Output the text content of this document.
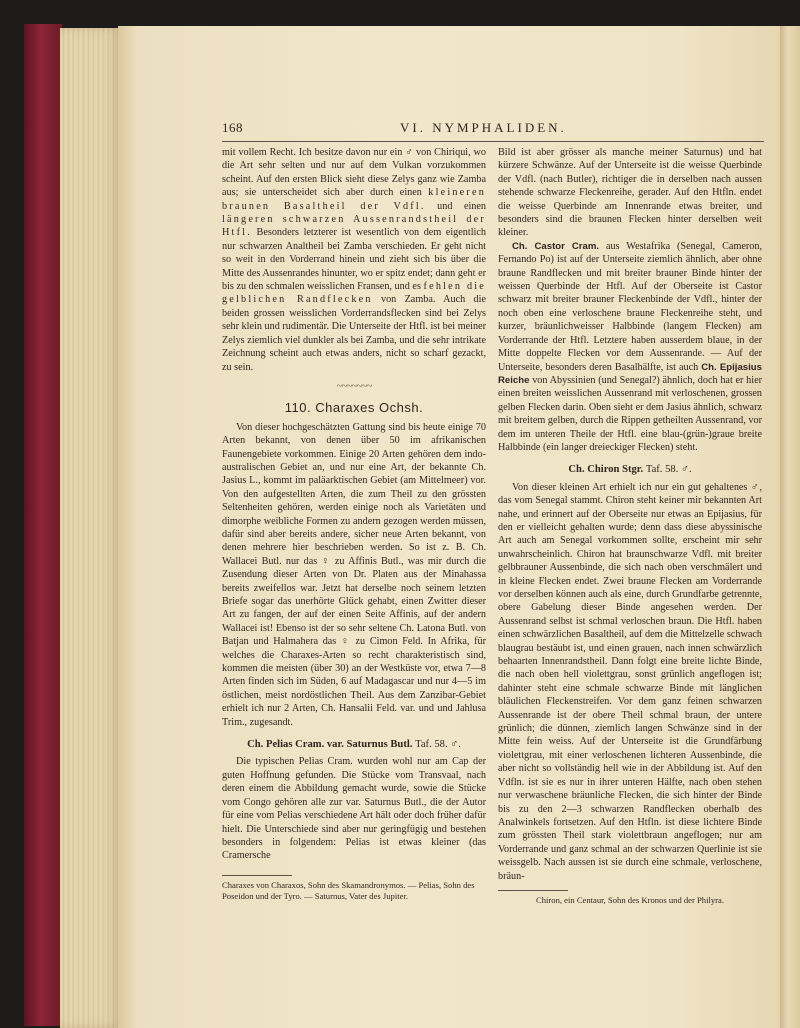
168	VI. NYMPHALIDEN.

mit vollem Recht. Ich besitze davon nur ein ♂ von Chiriqui, wo die Art sehr selten und nur auf dem Vulkan vorzukommen scheint. Auf den ersten Blick sieht diese Zelys ganz wie Zamba aus; sie unterscheidet sich aber durch einen kleineren braunen Basaltheil der Vdfl. und einen längeren schwarzen Aussenrandstheil der Htfl. Besonders letzterer ist wesentlich von dem eigentlich nur schwarzen Analtheil bei Zamba verschieden. Er geht nicht so weit in den Vorderrand hinein und zieht sich bis über die Mitte des Aussenrandes hinunter, wo er spitz endet; dann geht er bis zu den schmalen weisslichen Fransen, und es fehlen die gelblichen Randflecken von Zamba. Auch die beiden grossen weisslichen Vorderrandsflecken sind bei Zelys sehr klein und rudimentär. Die Unterseite der Htfl. ist bei meiner Zelys ziemlich viel dunkler als bei Zamba, und die sehr intrikate Zeichnung scheint auch etwas anders, nicht so scharf gezackt, zu sein.

~~~~~~~
110. Charaxes Ochsh.

Von dieser hochgeschätzten Gattung sind bis heute einige 70 Arten bekannt, von denen über 50 im afrikanischen Faunengebiete vorkommen. Einige 20 Arten gehören dem indo-australischen Gebiet an, und nur eine Art, der bekannte Ch. Jasius L., kommt im paläarktischen Gebiet (am Mittelmeer) vor. Von den aufgestellten Arten, die zum Theil zu den grössten Seltenheiten gehören, werden einige noch als Varietäten und dimorphe weibliche Formen zu andern gezogen werden müssen, dafür sind aber bereits andere, sicher neue Arten bekannt, von denen mehrere hier beschrieben werden. So ist z. B. Ch. Wallacei Butl. nur das ♀ zu Affinis Butl., was mir durch die Zusendung dieser Arten von Dr. Platen aus der Minahassa bereits zweifellos war. Jetzt hat derselbe noch seinem letzten Briefe sogar das unerhörte Glück gehabt, einen Zwitter dieser Art zu fangen, der auf der einen Seite Affinis, auf der andern Wallacei ist! Ebenso ist der so sehr seltene Ch. Latona Butl. von Batjan und Halmahera das ♀ zu Cimon Feld. In Afrika, für welches die Charaxes-Arten so recht charakteristisch sind, kommen die meisten (über 30) an der Westküste vor, etwa 7—8 Arten finden sich im Süden, 6 auf Madagascar und nur 4—5 im östlichen, meist nordöstlichen Theil. Aus dem Zanzibar-Gebiet erhielt ich nur 2 Arten, Ch. Hansalii Feld. var. und und Jahlusa Trim., zugesandt.

Ch. Pelias Cram. var. Saturnus Butl. Taf. 58. ♂.

Die typischen Pelias Cram. wurden wohl nur am Cap der guten Hoffnung gefunden. Die Stücke vom Transvaal, nach deren einem die Abbildung gemacht wurde, sowie die Stücke vom Congo gehören alle zur var. Saturnus Butl., die der Autor für eine vom Pelias verschiedene Art hält oder doch früher dafür hielt. Die Unterschiede sind aber nur geringfügig und bestehen besonders in folgendem: Pelias ist etwas kleiner (das Cramersche

Charaxes von Charaxos, Sohn des Skamandronymos. — Pelias, Sohn des Poseidon und der Tyro. — Saturnus, Vater des Jupiter.

Bild ist aber grösser als manche meiner Saturnus) und hat kürzere Schwänze. Auf der Unterseite ist die weisse Querbinde der Vdfl. (nach Butler), richtiger die in derselben nach aussen stehende schwarze Fleckenreihe, gerader. Auf den Htfln. endet die weisse Querbinde am Innenrande etwas breiter, und besonders sind die braunen Flecken hinter derselben weit kleiner.

Ch. Castor Cram. aus Westafrika (Senegal, Cameron, Fernando Po) ist auf der Unterseite ziemlich ähnlich, aber ohne braune Randflecken und mit breiter brauner Binde hinter der weissen Querbinde der Htfl. Auf der Oberseite ist Castor schwarz mit breiter brauner Fleckenbinde der Vdfl., hinter der noch oben eine verloschene braune Fleckenreihe steht, und kurzer, bräunlichweisser Halbbinde (langem Flecken) am Vorderrande der Htfl. Letztere haben ausserdem blaue, in der Mitte doppelte Flecken vor dem Aussenrande. — Auf der Unterseite, besonders deren Basalhälfte, ist auch Ch. Epijasius Reiche von Abyssinien (und Senegal?) ähnlich, doch hat er hier einen breiten weisslichen Aussenrand mit verloschenen, grossen gelben Flecken darin. Oben sieht er dem Jasius ähnlich, schwarz mit breitem gelben, durch die Rippen getheilten Aussenrand, vor dem im unteren Theile der Htfl. eine blau-(grün-)graue breite Halbbinde (ein langer dreieckiger Flecken) steht.

Ch. Chiron Stgr. Taf. 58. ♂.

Von dieser kleinen Art erhielt ich nur ein gut gehaltenes ♂, das vom Senegal stammt. Chiron steht keiner mir bekannten Art nahe, und erinnert auf der Oberseite nur etwas an Epijasius, für den er vielleicht gehalten wurde; denn dass diese abyssinische Art auch am Senegal vorkommen sollte, erscheint mir sehr unwahrscheinlich. Chiron hat braunschwarze Vdfl. mit breiter gelbbrauner Aussenbinde, die sich nach oben verschmälert und in kleine Flecken endet. Zwei braune Flecken am Vorderrande vor derselben können auch als eine, durch Grundfarbe getrennte, obere Gabelung dieser Binde angesehen werden. Der Aussenrand selbst ist schmal verloschen braun. Die Htfl. haben einen schwärzlichen Basaltheil, auf dem die Mittelzelle schwach blaugrau bestäubt ist, und einen grauen, nach innen schwärzlich behaarten Innenrandstheil. Dann folgt eine breite lichte Binde, die nach oben hell violettgrau, sonst grünlich angeflogen ist; dahinter steht eine schmale schwarze Binde mit länglichen bläulichen Fleckenstreifen. Vor dem ganz feinen schwarzen Aussenrande ist der obere Theil schmal braun, der untere grünlich; die dünnen, ziemlich langen Schwänze sind in der Mitte fein weiss. Auf der Unterseite ist die Grundfärbung violettgrau, mit einer verloschenen lichteren Aussenbinde, die aber nicht so vollständig hell wie in der Abbildung ist. Auf den Vdfln. ist sie es nur in ihrer unteren Hälfte, nach oben stehen nur verwaschene bräunliche Flecken, die sich hinter der Binde bis zu den 2—3 schwarzen Randflecken oberhalb des Analwinkels fortsetzen. Auf den Htfln. ist diese lichtere Binde zum grössten Theil stark violettbraun angeflogen; nur am Vorderrande und ganz schmal an der schwarzen Querlinie ist sie weissgelb. Nach aussen ist sie durch eine schmale, verloschene, bräun-

Chiron, ein Centaur, Sohn des Kronos und der Philyra.
